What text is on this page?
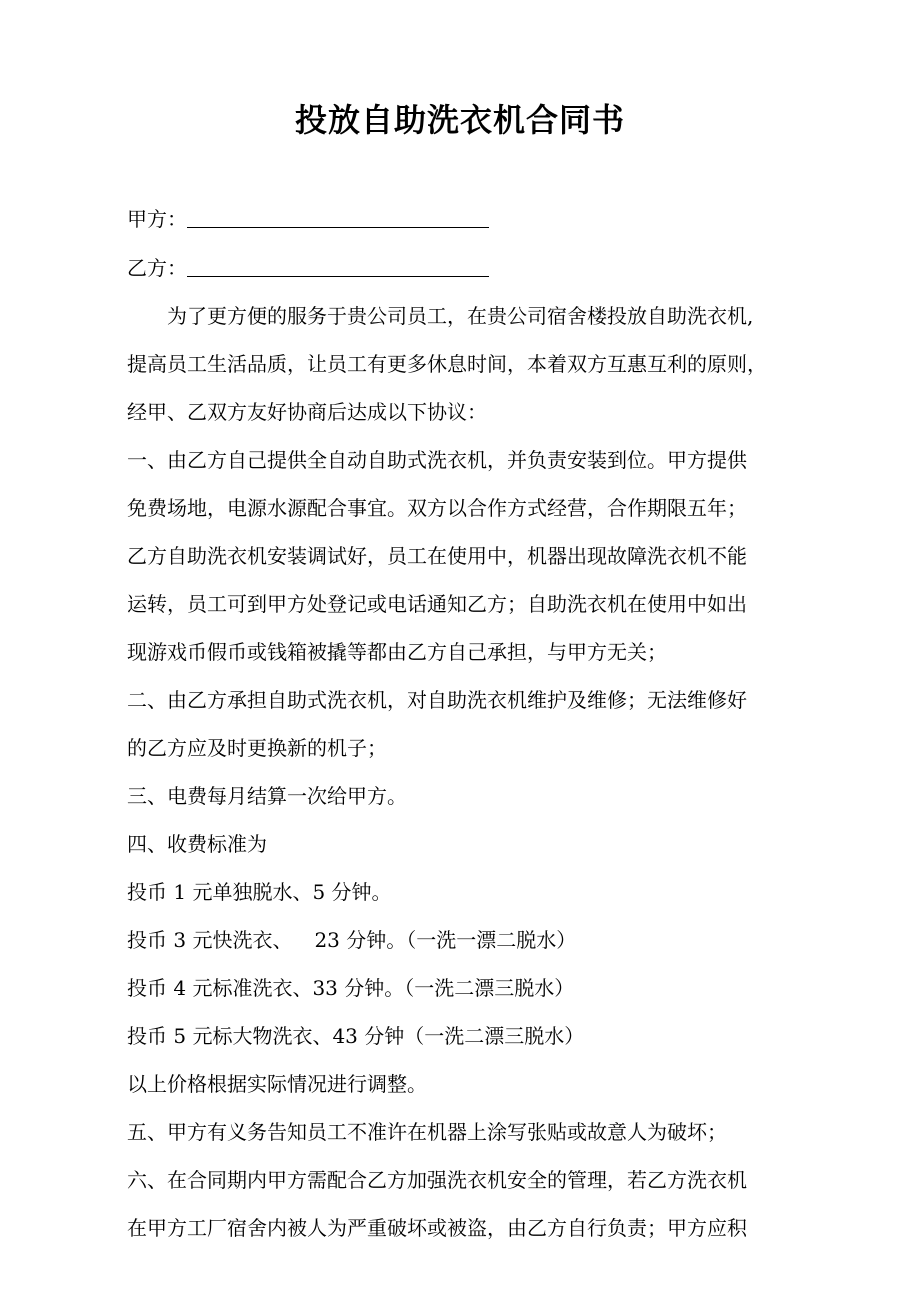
投放自助洗衣机合同书
甲方：
乙方：
为了更方便的服务于贵公司员工，在贵公司宿舍楼投放自助洗衣机,
提高员工生活品质，让员工有更多休息时间，本着双方互惠互利的原则，
经甲、乙双方友好协商后达成以下协议：
一、由乙方自己提供全自动自助式洗衣机，并负责安装到位。甲方提供
免费场地，电源水源配合事宜。双方以合作方式经营，合作期限五年；
乙方自助洗衣机安装调试好，员工在使用中，机器出现故障洗衣机不能
运转，员工可到甲方处登记或电话通知乙方；自助洗衣机在使用中如出
现游戏币假币或钱箱被撬等都由乙方自己承担，与甲方无关；
二、由乙方承担自助式洗衣机，对自助洗衣机维护及维修；无法维修好
的乙方应及时更换新的机子；
三、电费每月结算一次给甲方。
四、收费标准为
投币 1 元单独脱水、5 分钟。
投币 3 元快洗衣、 23 分钟。（一洗一漂二脱水）
投币 4 元标准洗衣、33 分钟。（一洗二漂三脱水）
投币 5 元标大物洗衣、43 分钟（一洗二漂三脱水）
以上价格根据实际情况进行调整。
五、甲方有义务告知员工不准许在机器上涂写张贴或故意人为破坏；
六、在合同期内甲方需配合乙方加强洗衣机安全的管理，若乙方洗衣机
在甲方工厂宿舍内被人为严重破坏或被盗，由乙方自行负责；甲方应积
